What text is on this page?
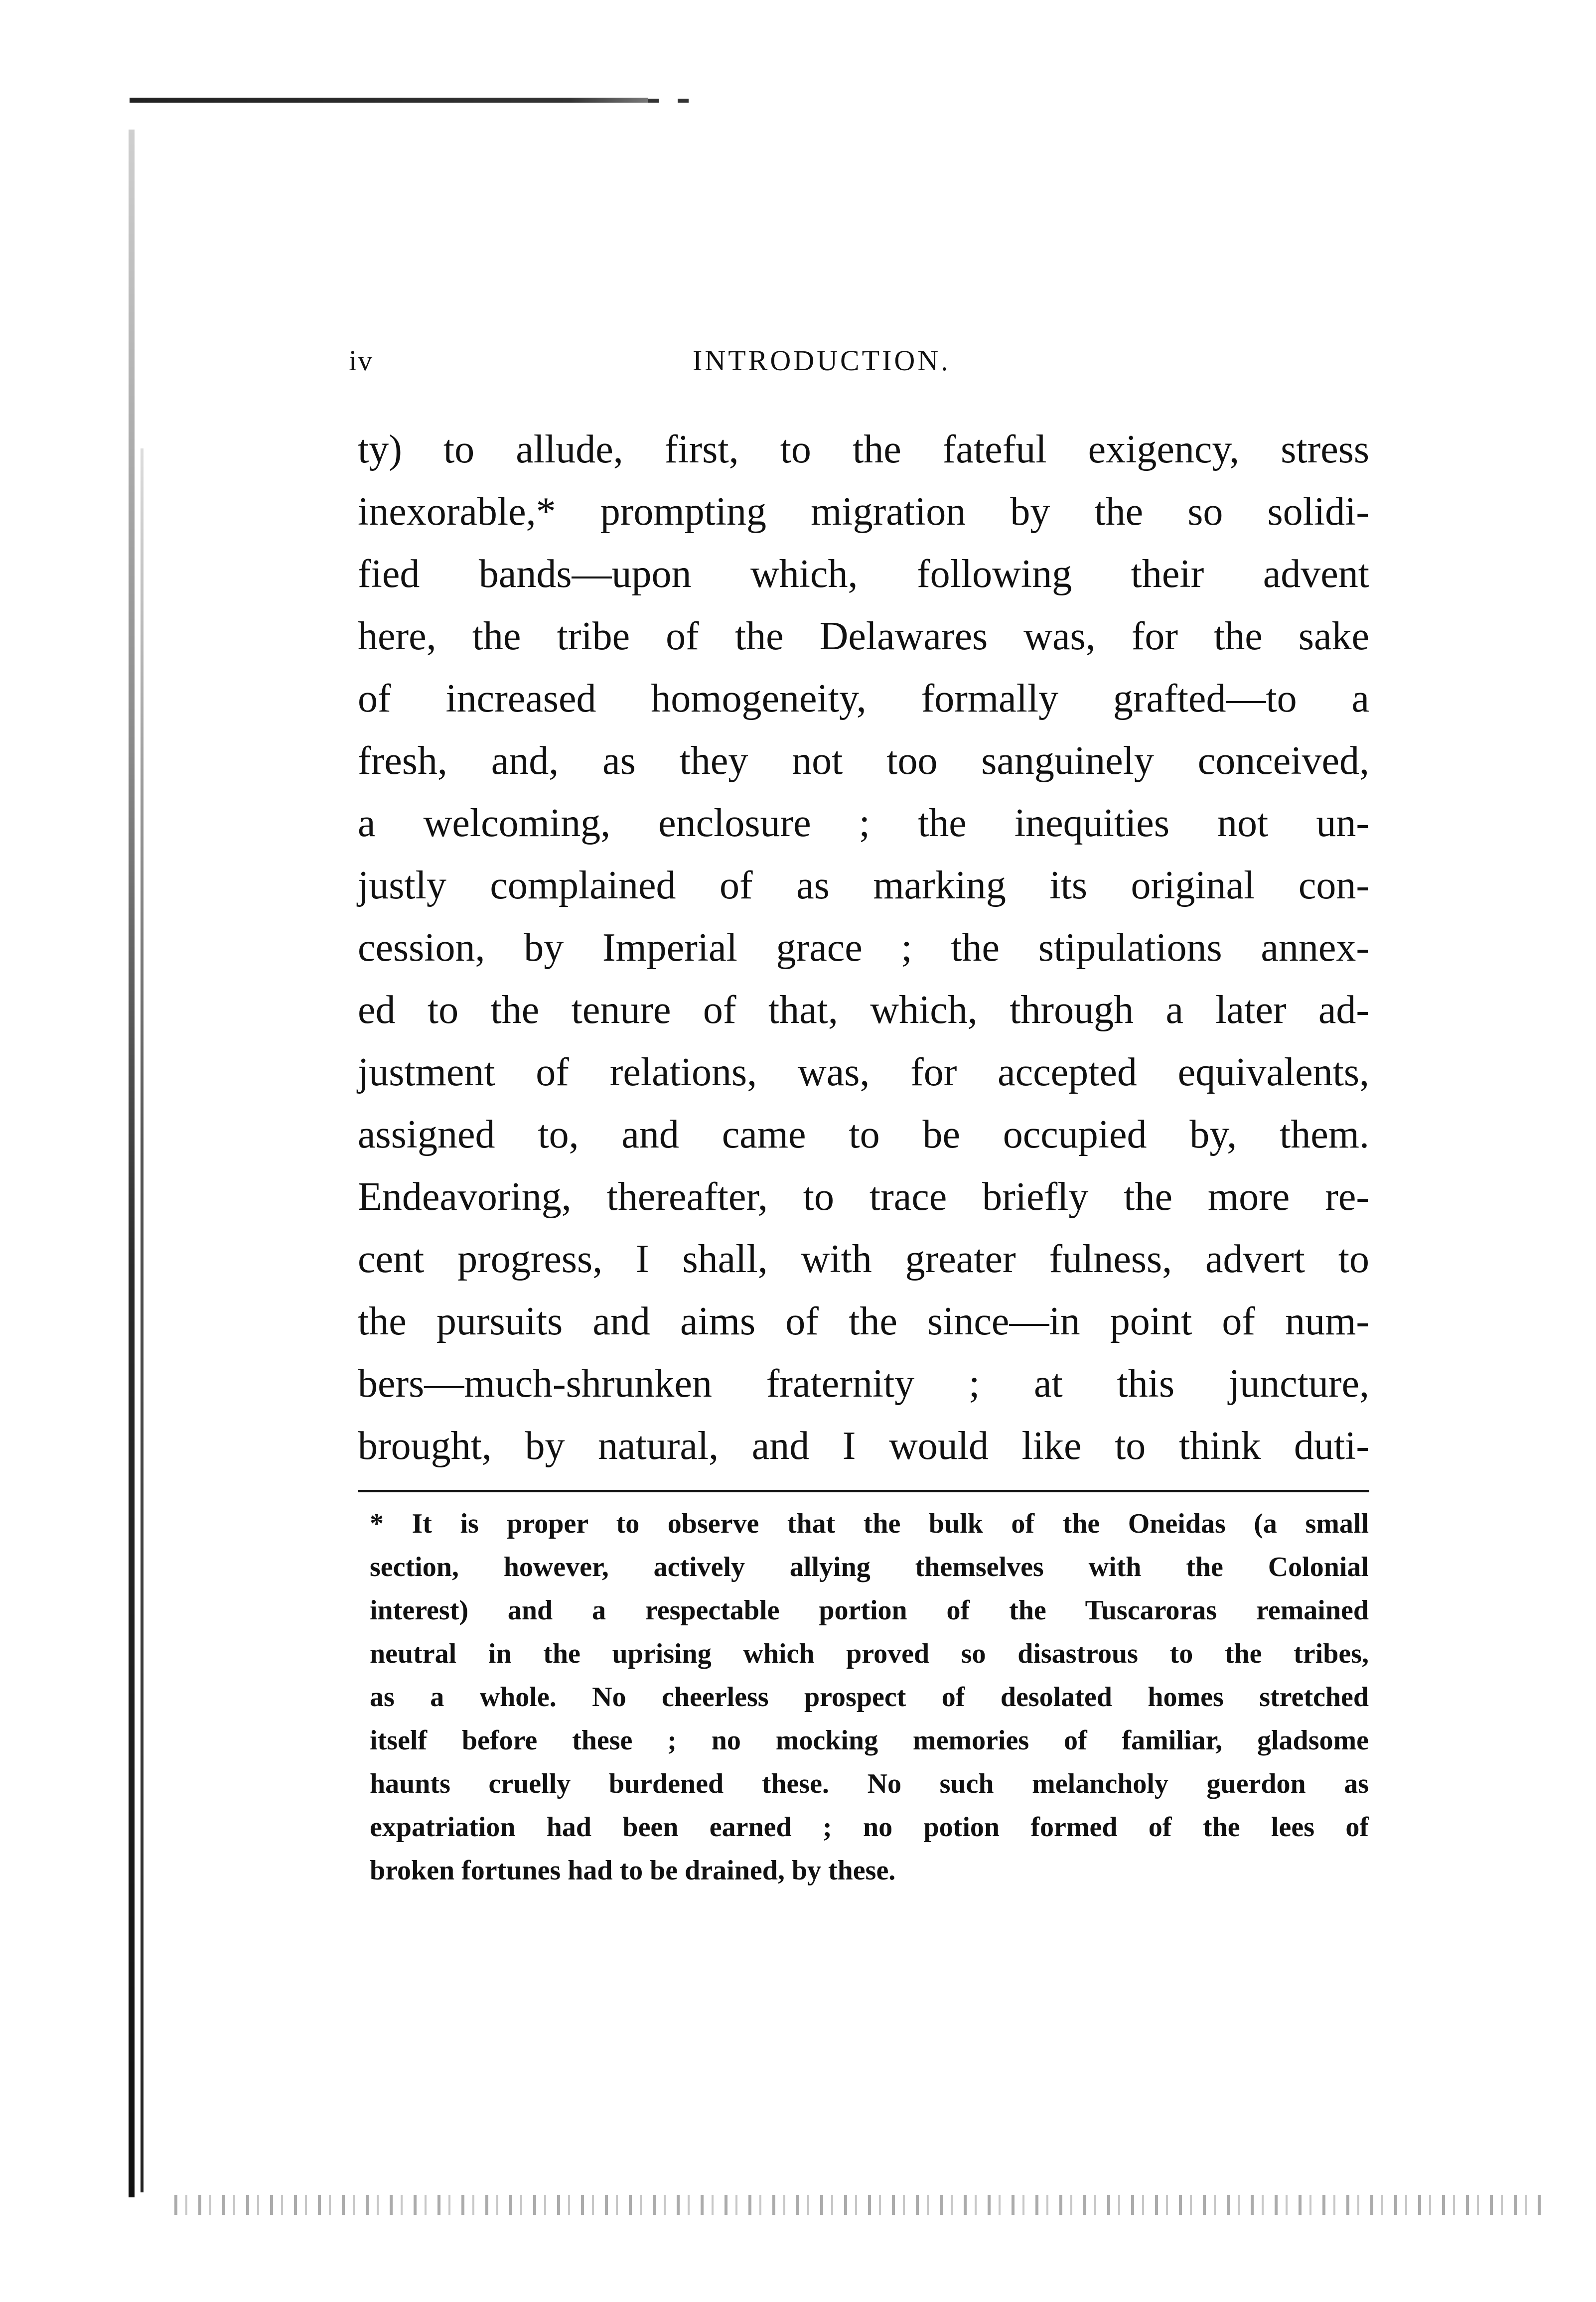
iv	INTRODUCTION.
ty) to allude, first, to the fateful exigency, stress
inexorable,* prompting migration by the so solidi-
fied bands—upon which, following their advent
here, the tribe of the Delawares was, for the sake
of increased homogeneity, formally grafted—to a
fresh, and, as they not too sanguinely conceived,
a welcoming, enclosure ; the inequities not un-
justly complained of as marking its original con-
cession, by Imperial grace ; the stipulations annex-
ed to the tenure of that, which, through a later ad-
justment of relations, was, for accepted equivalents,
assigned to, and came to be occupied by, them.
Endeavoring, thereafter, to trace briefly the more re-
cent progress, I shall, with greater fulness, advert to
the pursuits and aims of the since—in point of num-
bers—much-shrunken fraternity ; at this juncture,
brought, by natural, and I would like to think duti-
* It is proper to observe that the bulk of the Oneidas (a small
section, however, actively allying themselves with the Colonial
interest) and a respectable portion of the Tuscaroras remained
neutral in the uprising which proved so disastrous to the tribes,
as a whole. No cheerless prospect of desolated homes stretched
itself before these ; no mocking memories of familiar, gladsome
haunts cruelly burdened these. No such melancholy guerdon as
expatriation had been earned ; no potion formed of the lees of
broken fortunes had to be drained, by these.
